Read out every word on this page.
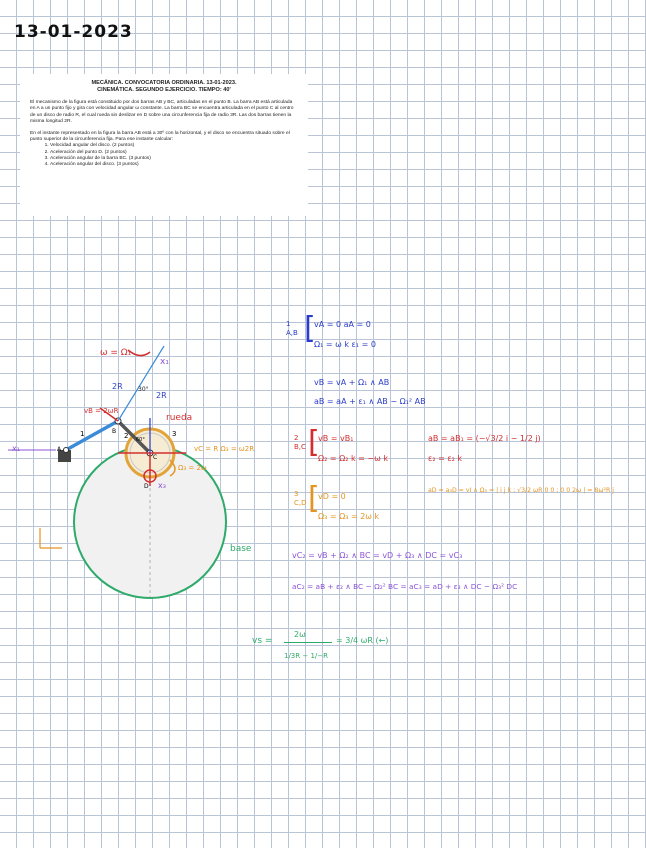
13-01-2023
MECÁNICA. CONVOCATORIA ORDINARIA. 13-01-2023.
CINEMÁTICA. SEGUNDO EJERCICIO. TIEMPO: 40'
El mecanismo de la figura está constituido por dos barras AB y BC, articuladas en el punto B. La barra AB está articulada en A a un punto fijo y gira con velocidad angular ω constante. La barra BC se encuentra articulada en el punto C al centro de un disco de radio R, el cual rueda sin deslizar en D sobre una circunferencia fija de radio 3R. Las dos barras tienen la misma longitud 2R.
En el instante representado en la figura la barra AB está a 30º con la horizontal, y el disco se encuentra situado sobre el punto superior de la circunferencia fija. Para ese instante calcular:
1. Velocidad angular del disco. (2 puntos)
2. Aceleración del punto D. (2 puntos)
3. Aceleración angular de la barra BC. (3 puntos)
4. Aceleración angular del disco. (3 puntos)
ω = Ω₁
x₁
2R
2R
30°
vB = 2ωR
rueda
vC = R Ω₃ = ω2R
Ω₃ = 2ω
x₁
x₃
base
A
B
C
D
1	2	3
60°
1
A,B [
vA = 0 aA = 0
Ω₁ = ω k ε₁ = 0
vB = vA + Ω₁ ∧ AB
aB = aA + ε₁ ∧ AB − Ω₁² AB
2
B,C [
vB = vB₁
Ω₂ = Ω₂ k = −ω k
aB = aB₁ = (−√3/2 i − 1/2 j)
ε₂ = ε₂ k
3
C,D [
vD = 0
Ω₃ = Ω₃ = 2ω k
aD = a₃D = vI ∧ Ω₃ = | i j k ; √3/2 ωR 0 0 ; 0 0 2ω | = 8ω²R j
vC₂ = vB + Ω₂ ∧ BC = vD + Ω₃ ∧ DC = vC₃
aC₂ = aB + ε₂ ∧ BC − Ω₂² BC = aC₃ = aD + ε₃ ∧ DC − Ω₃² DC
vs =
2ω
1/3R − 1/−R
= 3/4 ωR (←)
